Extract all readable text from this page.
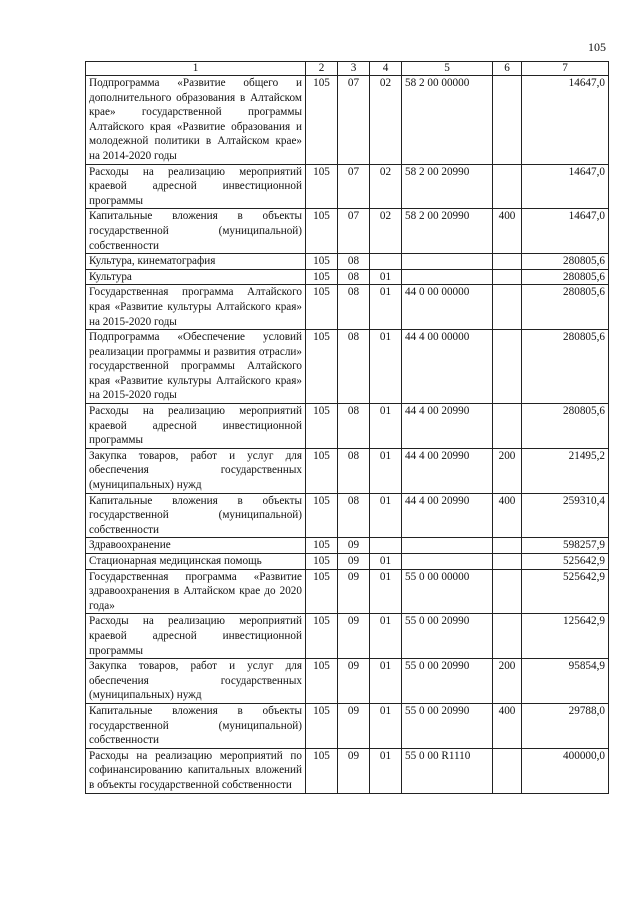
105
1	2	3	4	5	6	7
Подпрограмма «Развитие общего и дополнительного образования в Алтайском крае» государственной программы Алтайского края «Развитие образования и молодежной политики в Алтайском крае» на 2014-2020 годы	105	07	02	58 2 00 00000		14647,0
Расходы на реализацию мероприятий краевой адресной инвестиционной программы	105	07	02	58 2 00 20990		14647,0
Капитальные вложения в объекты государственной (муниципальной) собственности	105	07	02	58 2 00 20990	400	14647,0
Культура, кинематография	105	08				280805,6
Культура	105	08	01			280805,6
Государственная программа Алтайского края «Развитие культуры Алтайского края» на 2015-2020 годы	105	08	01	44 0 00 00000		280805,6
Подпрограмма «Обеспечение условий реализации программы и развития отрасли» государственной программы Алтайского края «Развитие культуры Алтайского края» на 2015-2020 годы	105	08	01	44 4 00 00000		280805,6
Расходы на реализацию мероприятий краевой адресной инвестиционной программы	105	08	01	44 4 00 20990		280805,6
Закупка товаров, работ и услуг для обеспечения государственных (муниципальных) нужд	105	08	01	44 4 00 20990	200	21495,2
Капитальные вложения в объекты государственной (муниципальной) собственности	105	08	01	44 4 00 20990	400	259310,4
Здравоохранение	105	09				598257,9
Стационарная медицинская помощь	105	09	01			525642,9
Государственная программа «Развитие здравоохранения в Алтайском крае до 2020 года»	105	09	01	55 0 00 00000		525642,9
Расходы на реализацию мероприятий краевой адресной инвестиционной программы	105	09	01	55 0 00 20990		125642,9
Закупка товаров, работ и услуг для обеспечения государственных (муниципальных) нужд	105	09	01	55 0 00 20990	200	95854,9
Капитальные вложения в объекты государственной (муниципальной) собственности	105	09	01	55 0 00 20990	400	29788,0
Расходы на реализацию мероприятий по софинансированию капитальных вложений в объекты государственной собственности	105	09	01	55 0 00 R1110		400000,0
